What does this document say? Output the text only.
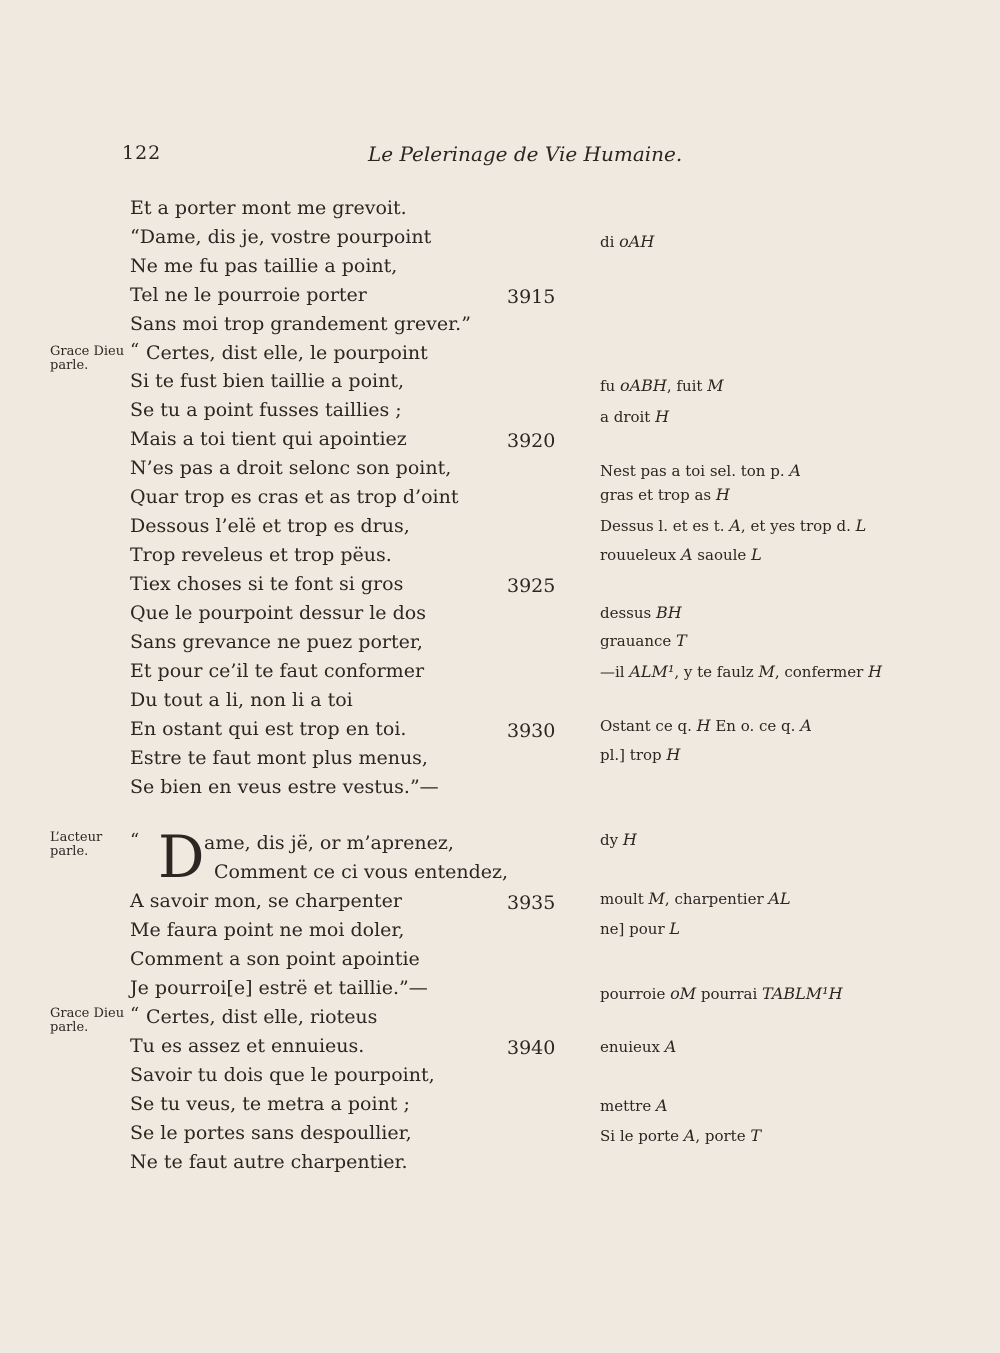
122	Le Pelerinage de Vie Humaine.
Et a porter mont me grevoit.
“Dame, dis je, vostre pourpoint
Ne me fu pas taillie a point,
Tel ne le pourroie porter
Sans moi trop grandement grever.”
“ Certes, dist elle, le pourpoint
Si te fust bien taillie a point,
Se tu a point fusses taillies ;
Mais a toi tient qui apointiez
N’es pas a droit selonc son point,
Quar trop es cras et as trop d’oint
Dessous l’elë et trop es drus,
Trop reveleus et trop pëus.
Tiex choses si te font si gros
Que le pourpoint dessur le dos
Sans grevance ne puez porter,
Et pour ce’il te faut conformer
Du tout a li, non li a toi
En ostant qui est trop en toi.
Estre te faut mont plus menus,
Se bien en veus estre vestus.”—
“ D ame, dis jë, or m’aprenez,
Comment ce ci vous entendez,
A savoir mon, se charpenter
Me faura point ne moi doler,
Comment a son point apointie
Je pourroi[e] estrë et taillie.”—
“ Certes, dist elle, rioteus
Tu es assez et ennuieus.
Savoir tu dois que le pourpoint,
Se tu veus, te metra a point ;
Se le portes sans despoullier,
Ne te faut autre charpentier.
3915
3920
3925
3930
3935
3940
Grace Dieu parle.
L’acteur parle.
Grace Dieu parle.
di oAH
fu oABH, fuit M
a droit H
Nest pas a toi sel. ton p. A
gras et trop as H
Dessus l. et es t. A, et yes trop d. L
rouueleux A saoule L
dessus BH
grauance T
—il ALM¹, y te faulz M, confermer H
Ostant ce q. H En o. ce q. A
pl.] trop H
dy H
moult M, charpentier AL
ne] pour L
pourroie oM pourrai TABLM¹H
enuieux A
mettre A
Si le porte A, porte T
